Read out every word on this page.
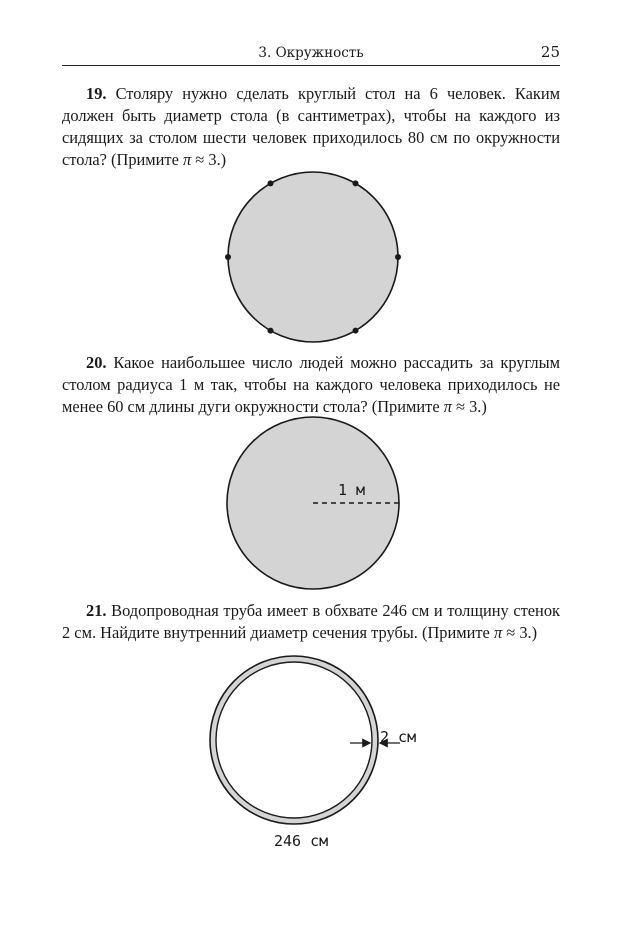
3. Окружность	25

19. Столяру нужно сделать круглый стол на 6 человек. Каким должен быть диаметр стола (в сантиметрах), чтобы на каждого из сидящих за столом шести человек приходилось 80 см по окружности стола? (Примите π ≈ 3.)

20. Какое наибольшее число людей можно рассадить за круглым столом радиуса 1 м так, чтобы на каждого человека приходилось не менее 60 см длины дуги окружности стола? (Примите π ≈ 3.)

1 м

21. Водопроводная труба имеет в обхвате 246 см и толщину стенок 2 см. Найдите внутренний диаметр сечения трубы. (Примите π ≈ 3.)

2 см
246 см
